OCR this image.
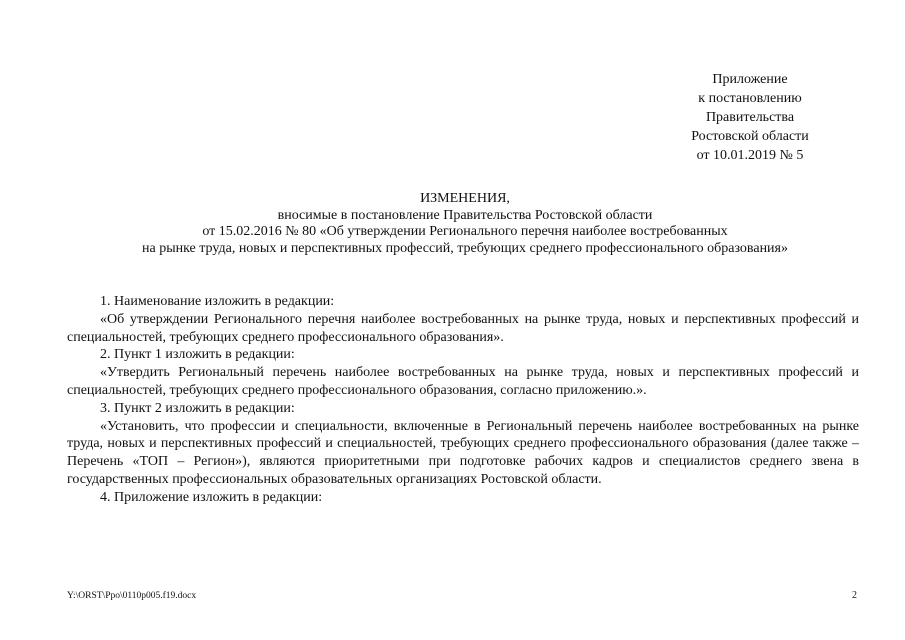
Приложение
к постановлению
Правительства
Ростовской области
от 10.01.2019 № 5
ИЗМЕНЕНИЯ,
вносимые в постановление Правительства Ростовской области
от 15.02.2016 № 80 «Об утверждении Регионального перечня наиболее востребованных
на рынке труда, новых и перспективных профессий, требующих среднего профессионального образования»

1. Наименование изложить в редакции:

«Об утверждении Регионального перечня наиболее востребованных на рынке труда, новых и перспективных профессий и специальностей, требующих среднего профессионального образования».

2. Пункт 1 изложить в редакции:

«Утвердить Региональный перечень наиболее востребованных на рынке труда, новых и перспективных профессий и специальностей, требующих среднего профессионального образования, согласно приложению.».

3. Пункт 2 изложить в редакции:

«Установить, что профессии и специальности, включенные в Региональный перечень наиболее востребованных на рынке труда, новых и перспективных профессий и специальностей, требующих среднего профессионального образования (далее также – Перечень «ТОП – Регион»), являются приоритетными при подготовке рабочих кадров и специалистов среднего звена в государственных профессиональных образовательных организациях Ростовской области.

4. Приложение изложить в редакции:

Y:\ORST\Ppo\0110p005.f19.docx	2
